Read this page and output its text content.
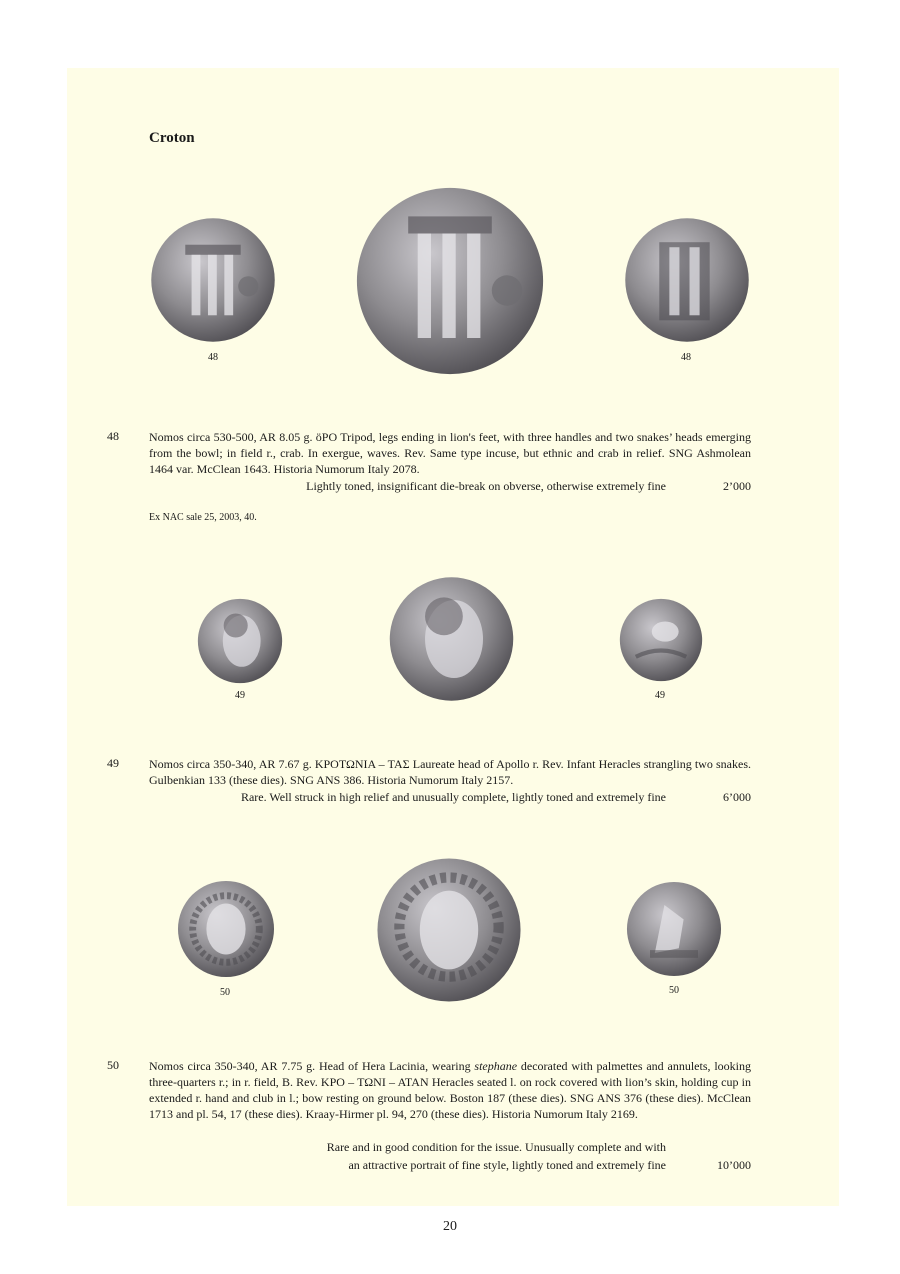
Croton
48	48
48	Nomos circa 530-500, AR 8.05 g. öPO Tripod, legs ending in lion's feet, with three handles and two snakes’ heads emerging from the bowl; in field r., crab. In exergue, waves. Rev. Same type incuse, but ethnic and crab in relief. SNG Ashmolean 1464 var. McClean 1643. Historia Numorum Italy 2078.
Lightly toned, insignificant die-break on obverse, otherwise extremely fine	2’000
Ex NAC sale 25, 2003, 40.
49	49
49	Nomos circa 350-340, AR 7.67 g. ΚΡΟΤΩΝΙΑ – ΤΑΣ Laureate head of Apollo r. Rev. Infant Heracles strangling two snakes. Gulbenkian 133 (these dies). SNG ANS 386. Historia Numorum Italy 2157.
Rare. Well struck in high relief and unusually complete, lightly toned and extremely fine	6’000
50	50
50	Nomos circa 350-340, AR 7.75 g. Head of Hera Lacinia, wearing stephane decorated with palmettes and annulets, looking three-quarters r.; in r. field, B. Rev. ΚΡΟ – ΤΩΝΙ – ΑΤΑΝ Heracles seated l. on rock covered with lion’s skin, holding cup in extended r. hand and club in l.; bow resting on ground below. Boston 187 (these dies). SNG ANS 376 (these dies). McClean 1713 and pl. 54, 17 (these dies). Kraay-Hirmer pl. 94, 270 (these dies). Historia Numorum Italy 2169.
Rare and in good condition for the issue. Unusually complete and with
an attractive portrait of fine style, lightly toned and extremely fine	10’000
20
